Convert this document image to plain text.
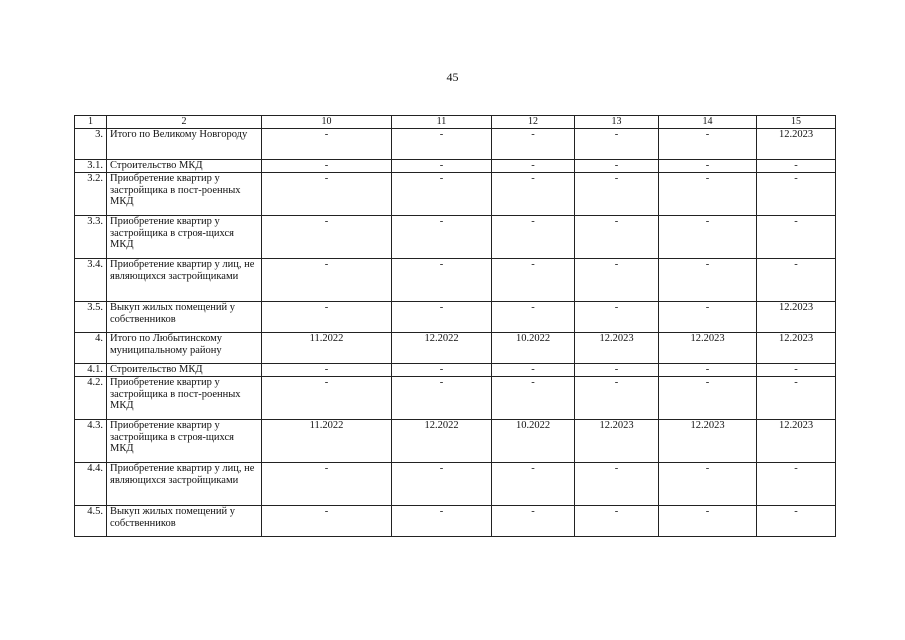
45
1	2	10	11	12	13	14	15
3.	Итого по Великому Новгороду	-	-	-	-	-	12.2023
3.1.	Строительство МКД	-	-	-	-	-	-
3.2.	Приобретение квартир у застройщика в пост-роенных МКД	-	-	-	-	-	-
3.3.	Приобретение квартир у застройщика в строя-щихся МКД	-	-	-	-	-	-
3.4.	Приобретение квартир у лиц, не являющихся застройщиками	-	-	-	-	-	-
3.5.	Выкуп жилых помещений у собственников	-	-	-	-	-	12.2023
4.	Итого по Любытинскому муниципальному району	11.2022	12.2022	10.2022	12.2023	12.2023	12.2023
4.1.	Строительство МКД	-	-	-	-	-	-
4.2.	Приобретение квартир у застройщика в пост-роенных МКД	-	-	-	-	-	-
4.3.	Приобретение квартир у застройщика в строя-щихся МКД	11.2022	12.2022	10.2022	12.2023	12.2023	12.2023
4.4.	Приобретение квартир у лиц, не являющихся застройщиками	-	-	-	-	-	-
4.5.	Выкуп жилых помещений у собственников	-	-	-	-	-	-
